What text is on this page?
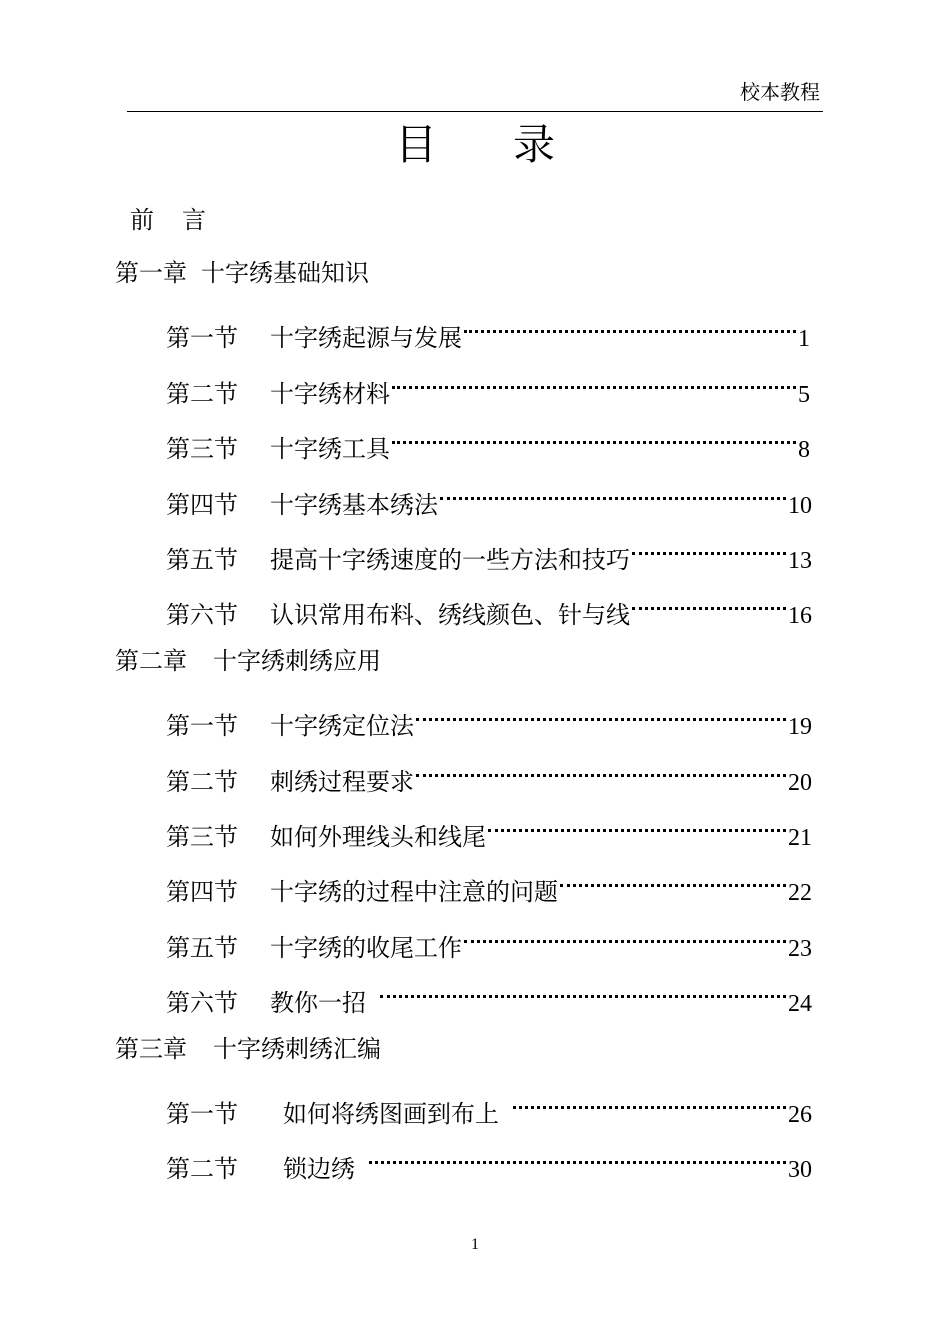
校本教程
目录
前言
第一章 十字绣基础知识
第一节	十字绣起源与发展	1
第二节	十字绣材料	5
第三节	十字绣工具	8
第四节	十字绣基本绣法	10
第五节	提高十字绣速度的一些方法和技巧	13
第六节	认识常用布料、绣线颜色、针与线	16
第二章 十字绣刺绣应用
第一节	十字绣定位法	19
第二节	刺绣过程要求	20
第三节	如何外理线头和线尾	21
第四节	十字绣的过程中注意的问题	22
第五节	十字绣的收尾工作	23
第六节	教你一招	24
第三章 十字绣刺绣汇编
第一节	如何将绣图画到布上	26
第二节	锁边绣	30
1
